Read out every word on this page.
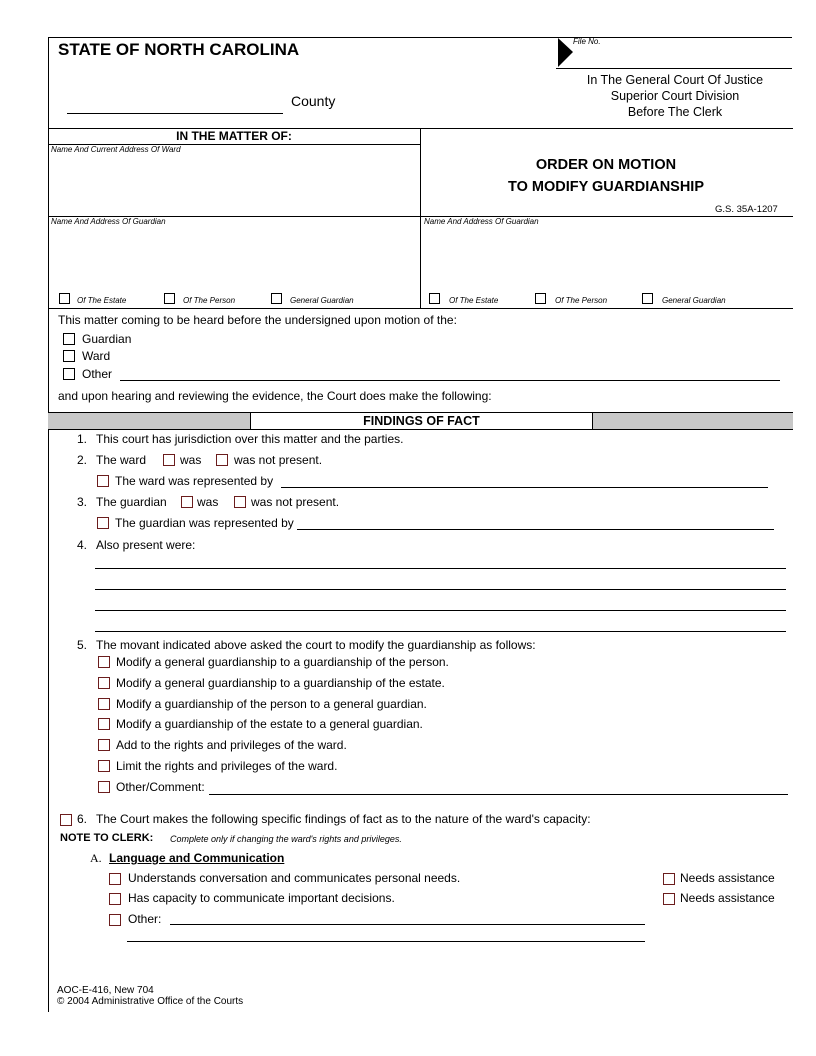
STATE OF NORTH CAROLINA
County
File No.
In The General Court Of Justice
Superior Court Division
Before The Clerk
IN THE MATTER OF:
Name And Current Address Of Ward
ORDER ON MOTION
TO MODIFY GUARDIANSHIP
G.S. 35A-1207
Name And Address Of Guardian	Name And Address Of Guardian
Of The Estate	Of The Person	General Guardian	Of The Estate	Of The Person	General Guardian
This matter coming to be heard before the undersigned upon motion of the:
Guardian
Ward
Other
and upon hearing and reviewing the evidence, the Court does make the following:
FINDINGS OF FACT
1. This court has jurisdiction over this matter and the parties.
2. The ward	was	was not present.
The ward was represented by
3. The guardian	was	was not present.
The guardian was represented by
4. Also present were:
5. The movant indicated above asked the court to modify the guardianship as follows:
Modify a general guardianship to a guardianship of the person.
Modify a general guardianship to a guardianship of the estate.
Modify a guardianship of the person to a general guardian.
Modify a guardianship of the estate to a general guardian.
Add to the rights and privileges of the ward.
Limit the rights and privileges of the ward.
Other/Comment:
6. The Court makes the following specific findings of fact as to the nature of the ward's capacity:
NOTE TO CLERK: Complete only if changing the ward's rights and privileges.
A. Language and Communication
Understands conversation and communicates personal needs.	Needs assistance
Has capacity to communicate important decisions.	Needs assistance
Other:
AOC-E-416, New 704
© 2004 Administrative Office of the Courts
